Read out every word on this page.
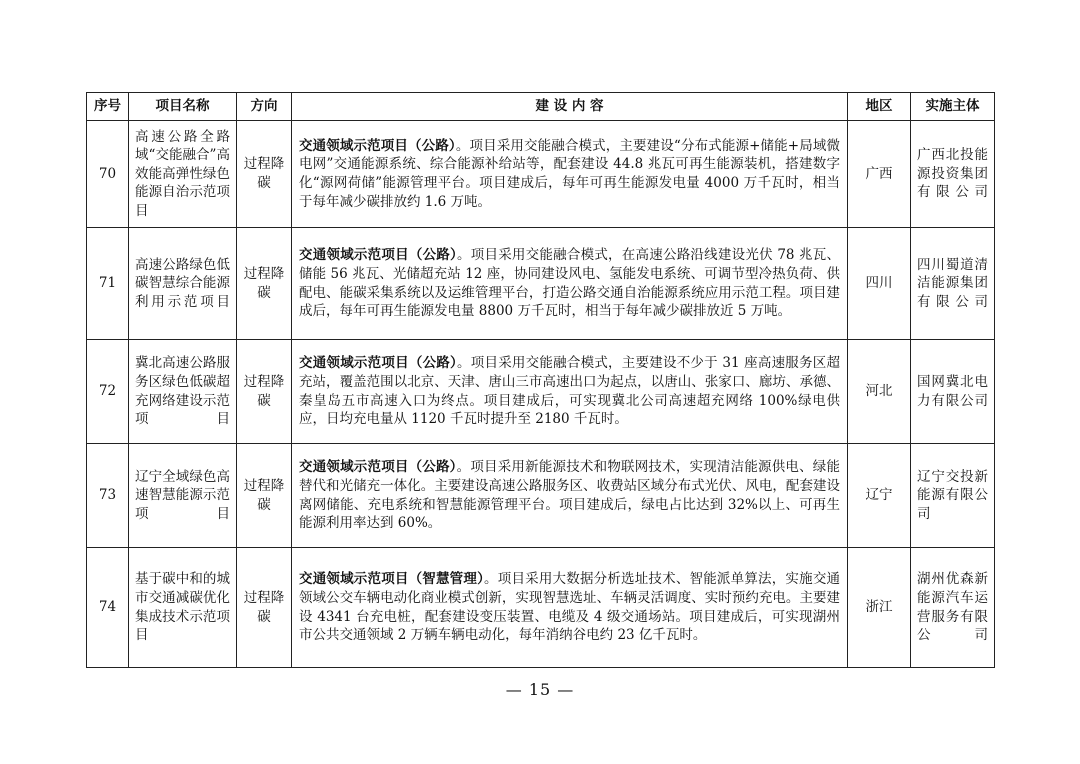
序号	项目名称	方向	建 设 内 容	地区	实施主体
70	高速公路全路域“交能融合”高效能高弹性绿色能源自治示范项目	过程降碳	交通领域示范项目（公路）。项目采用交能融合模式，主要建设“分布式能源+储能+局域微电网”交通能源系统、综合能源补给站等，配套建设 44.8 兆瓦可再生能源装机，搭建数字化“源网荷储”能源管理平台。项目建成后，每年可再生能源发电量 4000 万千瓦时，相当于每年减少碳排放约 1.6 万吨。	广西	广西北投能源投资集团有限公司
71	高速公路绿色低碳智慧综合能源利用示范项目	过程降碳	交通领域示范项目（公路）。项目采用交能融合模式，在高速公路沿线建设光伏 78 兆瓦、储能 56 兆瓦、光储超充站 12 座，协同建设风电、氢能发电系统、可调节型冷热负荷、供配电、能碳采集系统以及运维管理平台，打造公路交通自治能源系统应用示范工程。项目建成后，每年可再生能源发电量 8800 万千瓦时，相当于每年减少碳排放近 5 万吨。	四川	四川蜀道清洁能源集团有限公司
72	冀北高速公路服务区绿色低碳超充网络建设示范项目	过程降碳	交通领域示范项目（公路）。项目采用交能融合模式，主要建设不少于 31 座高速服务区超充站，覆盖范围以北京、天津、唐山三市高速出口为起点，以唐山、张家口、廊坊、承德、秦皇岛五市高速入口为终点。项目建成后，可实现冀北公司高速超充网络 100%绿电供应，日均充电量从 1120 千瓦时提升至 2180 千瓦时。	河北	国网冀北电力有限公司
73	辽宁全域绿色高速智慧能源示范项目	过程降碳	交通领域示范项目（公路）。项目采用新能源技术和物联网技术，实现清洁能源供电、绿能替代和光储充一体化。主要建设高速公路服务区、收费站区域分布式光伏、风电，配套建设离网储能、充电系统和智慧能源管理平台。项目建成后，绿电占比达到 32%以上、可再生能源利用率达到 60%。	辽宁	辽宁交投新能源有限公司
74	基于碳中和的城市交通减碳优化集成技术示范项目	过程降碳	交通领域示范项目（智慧管理）。项目采用大数据分析选址技术、智能派单算法，实施交通领域公交车辆电动化商业模式创新，实现智慧选址、车辆灵活调度、实时预约充电。主要建设 4341 台充电桩，配套建设变压装置、电缆及 4 级交通场站。项目建成后，可实现湖州市公共交通领域 2 万辆车辆电动化，每年消纳谷电约 23 亿千瓦时。	浙江	湖州优森新能源汽车运营服务有限公司
— 15 —
